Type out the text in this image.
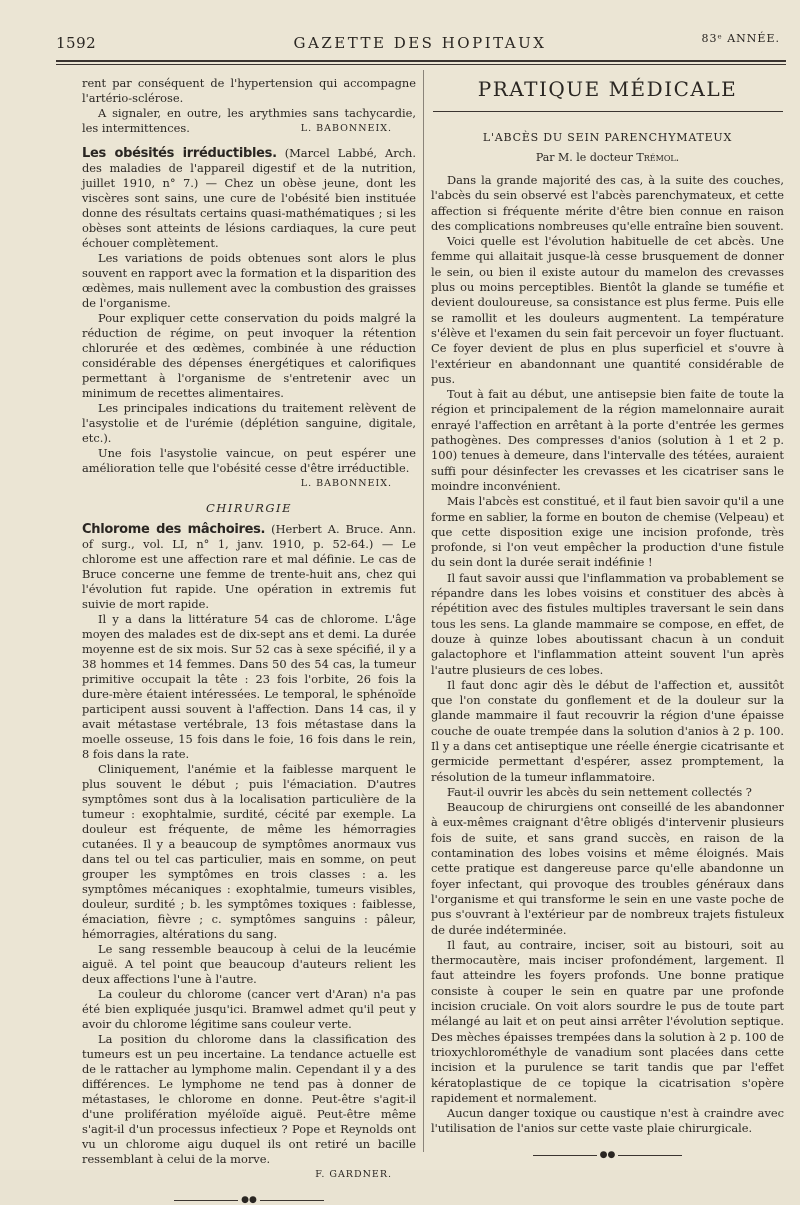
1592	GAZETTE DES HOPITAUX	83ᵉ ANNÉE.

rent par conséquent de l'hypertension qui accompagne l'artério-sclérose.

A signaler, en outre, les arythmies sans tachycardie, les intermittences.	L. BABONNEIX.

Les obésités irréductibles. (Marcel Labbé, Arch. des maladies de l'appareil digestif et de la nutrition, juillet 1910, n° 7.) — Chez un obèse jeune, dont les viscères sont sains, une cure de l'obésité bien instituée donne des résultats certains quasi-mathématiques ; si les obèses sont atteints de lésions cardiaques, la cure peut échouer complètement.

Les variations de poids obtenues sont alors le plus souvent en rapport avec la formation et la disparition des œdèmes, mais nullement avec la combustion des graisses de l'organisme.

Pour expliquer cette conservation du poids malgré la réduction de régime, on peut invoquer la rétention chlorurée et des œdèmes, combinée à une réduction considérable des dépenses énergétiques et calorifiques permettant à l'organisme de s'entretenir avec un minimum de recettes alimentaires.

Les principales indications du traitement relèvent de l'asystolie et de l'urémie (déplétion sanguine, digitale, etc.).

Une fois l'asystolie vaincue, on peut espérer une amélioration telle que l'obésité cesse d'être irréductible.

L. BABONNEIX.
CHIRURGIE

Chlorome des mâchoires. (Herbert A. Bruce. Ann. of surg., vol. LI, n° 1, janv. 1910, p. 52-64.) — Le chlorome est une affection rare et mal définie. Le cas de Bruce concerne une femme de trente-huit ans, chez qui l'évolution fut rapide. Une opération in extremis fut suivie de mort rapide.

Il y a dans la littérature 54 cas de chlorome. L'âge moyen des malades est de dix-sept ans et demi. La durée moyenne est de six mois. Sur 52 cas à sexe spécifié, il y a 38 hommes et 14 femmes. Dans 50 des 54 cas, la tumeur primitive occupait la tête : 23 fois l'orbite, 26 fois la dure-mère étaient intéressées. Le temporal, le sphénoïde participent aussi souvent à l'affection. Dans 14 cas, il y avait métastase vertébrale, 13 fois métastase dans la moelle osseuse, 15 fois dans le foie, 16 fois dans le rein, 8 fois dans la rate.

Cliniquement, l'anémie et la faiblesse marquent le plus souvent le début ; puis l'émaciation. D'autres symptômes sont dus à la localisation particulière de la tumeur : exophtalmie, surdité, cécité par exemple. La douleur est fréquente, de même les hémorragies cutanées. Il y a beaucoup de symptômes anormaux vus dans tel ou tel cas particulier, mais en somme, on peut grouper les symptômes en trois classes : a. les symptômes mécaniques : exophtalmie, tumeurs visibles, douleur, surdité ; b. les symptômes toxiques : faiblesse, émaciation, fièvre ; c. symptômes sanguins : pâleur, hémorragies, altérations du sang.

Le sang ressemble beaucoup à celui de la leucémie aiguë. A tel point que beaucoup d'auteurs relient les deux affections l'une à l'autre.

La couleur du chlorome (cancer vert d'Aran) n'a pas été bien expliquée jusqu'ici. Bramwel admet qu'il peut y avoir du chlorome légitime sans couleur verte.

La position du chlorome dans la classification des tumeurs est un peu incertaine. La tendance actuelle est de le rattacher au lymphome malin. Cependant il y a des différences. Le lymphome ne tend pas à donner de métastases, le chlorome en donne. Peut-être s'agit-il d'une prolifération myéloïde aiguë. Peut-être même s'agit-il d'un processus infectieux ? Pope et Reynolds ont vu un chlorome aigu duquel ils ont retiré un bacille ressemblant à celui de la morve.

F. GARDNER.
●●
PRATIQUE MÉDICALE
L'ABCÈS DU SEIN PARENCHYMATEUX
Par M. le docteur Trémol.

Dans la grande majorité des cas, à la suite des couches, l'abcès du sein observé est l'abcès parenchymateux, et cette affection si fréquente mérite d'être bien connue en raison des complications nombreuses qu'elle entraîne bien souvent.

Voici quelle est l'évolution habituelle de cet abcès. Une femme qui allaitait jusque-là cesse brusquement de donner le sein, ou bien il existe autour du mamelon des crevasses plus ou moins perceptibles. Bientôt la glande se tuméfie et devient douloureuse, sa consistance est plus ferme. Puis elle se ramollit et les douleurs augmentent. La température s'élève et l'examen du sein fait percevoir un foyer fluctuant. Ce foyer devient de plus en plus superficiel et s'ouvre à l'extérieur en abandonnant une quantité considérable de pus.

Tout à fait au début, une antisepsie bien faite de toute la région et principalement de la région mamelonnaire aurait enrayé l'affection en arrêtant à la porte d'entrée les germes pathogènes. Des compresses d'anios (solution à 1 et 2 p. 100) tenues à demeure, dans l'intervalle des tétées, auraient suffi pour désinfecter les crevasses et les cicatriser sans le moindre inconvénient.

Mais l'abcès est constitué, et il faut bien savoir qu'il a une forme en sablier, la forme en bouton de chemise (Velpeau) et que cette disposition exige une incision profonde, très profonde, si l'on veut empêcher la production d'une fistule du sein dont la durée serait indéfinie !

Il faut savoir aussi que l'inflammation va probablement se répandre dans les lobes voisins et constituer des abcès à répétition avec des fistules multiples traversant le sein dans tous les sens. La glande mammaire se compose, en effet, de douze à quinze lobes aboutissant chacun à un conduit galactophore et l'inflammation atteint souvent l'un après l'autre plusieurs de ces lobes.

Il faut donc agir dès le début de l'affection et, aussitôt que l'on constate du gonflement et de la douleur sur la glande mammaire il faut recouvrir la région d'une épaisse couche de ouate trempée dans la solution d'anios à 2 p. 100. Il y a dans cet antiseptique une réelle énergie cicatrisante et germicide permettant d'espérer, assez promptement, la résolution de la tumeur inflammatoire.

Faut-il ouvrir les abcès du sein nettement collectés ?

Beaucoup de chirurgiens ont conseillé de les abandonner à eux-mêmes craignant d'être obligés d'intervenir plusieurs fois de suite, et sans grand succès, en raison de la contamination des lobes voisins et même éloignés. Mais cette pratique est dangereuse parce qu'elle abandonne un foyer infectant, qui provoque des troubles généraux dans l'organisme et qui transforme le sein en une vaste poche de pus s'ouvrant à l'extérieur par de nombreux trajets fistuleux de durée indéterminée.

Il faut, au contraire, inciser, soit au bistouri, soit au thermocautère, mais inciser profondément, largement. Il faut atteindre les foyers profonds. Une bonne pratique consiste à couper le sein en quatre par une profonde incision cruciale. On voit alors sourdre le pus de toute part mélangé au lait et on peut ainsi arrêter l'évolution septique. Des mèches épaisses trempées dans la solution à 2 p. 100 de trioxychlorométhyle de vanadium sont placées dans cette incision et la purulence se tarit tandis que par l'effet kératoplastique de ce topique la cicatrisation s'opère rapidement et normalement.

Aucun danger toxique ou caustique n'est à craindre avec l'utilisation de l'anios sur cette vaste plaie chirurgicale.

●●
